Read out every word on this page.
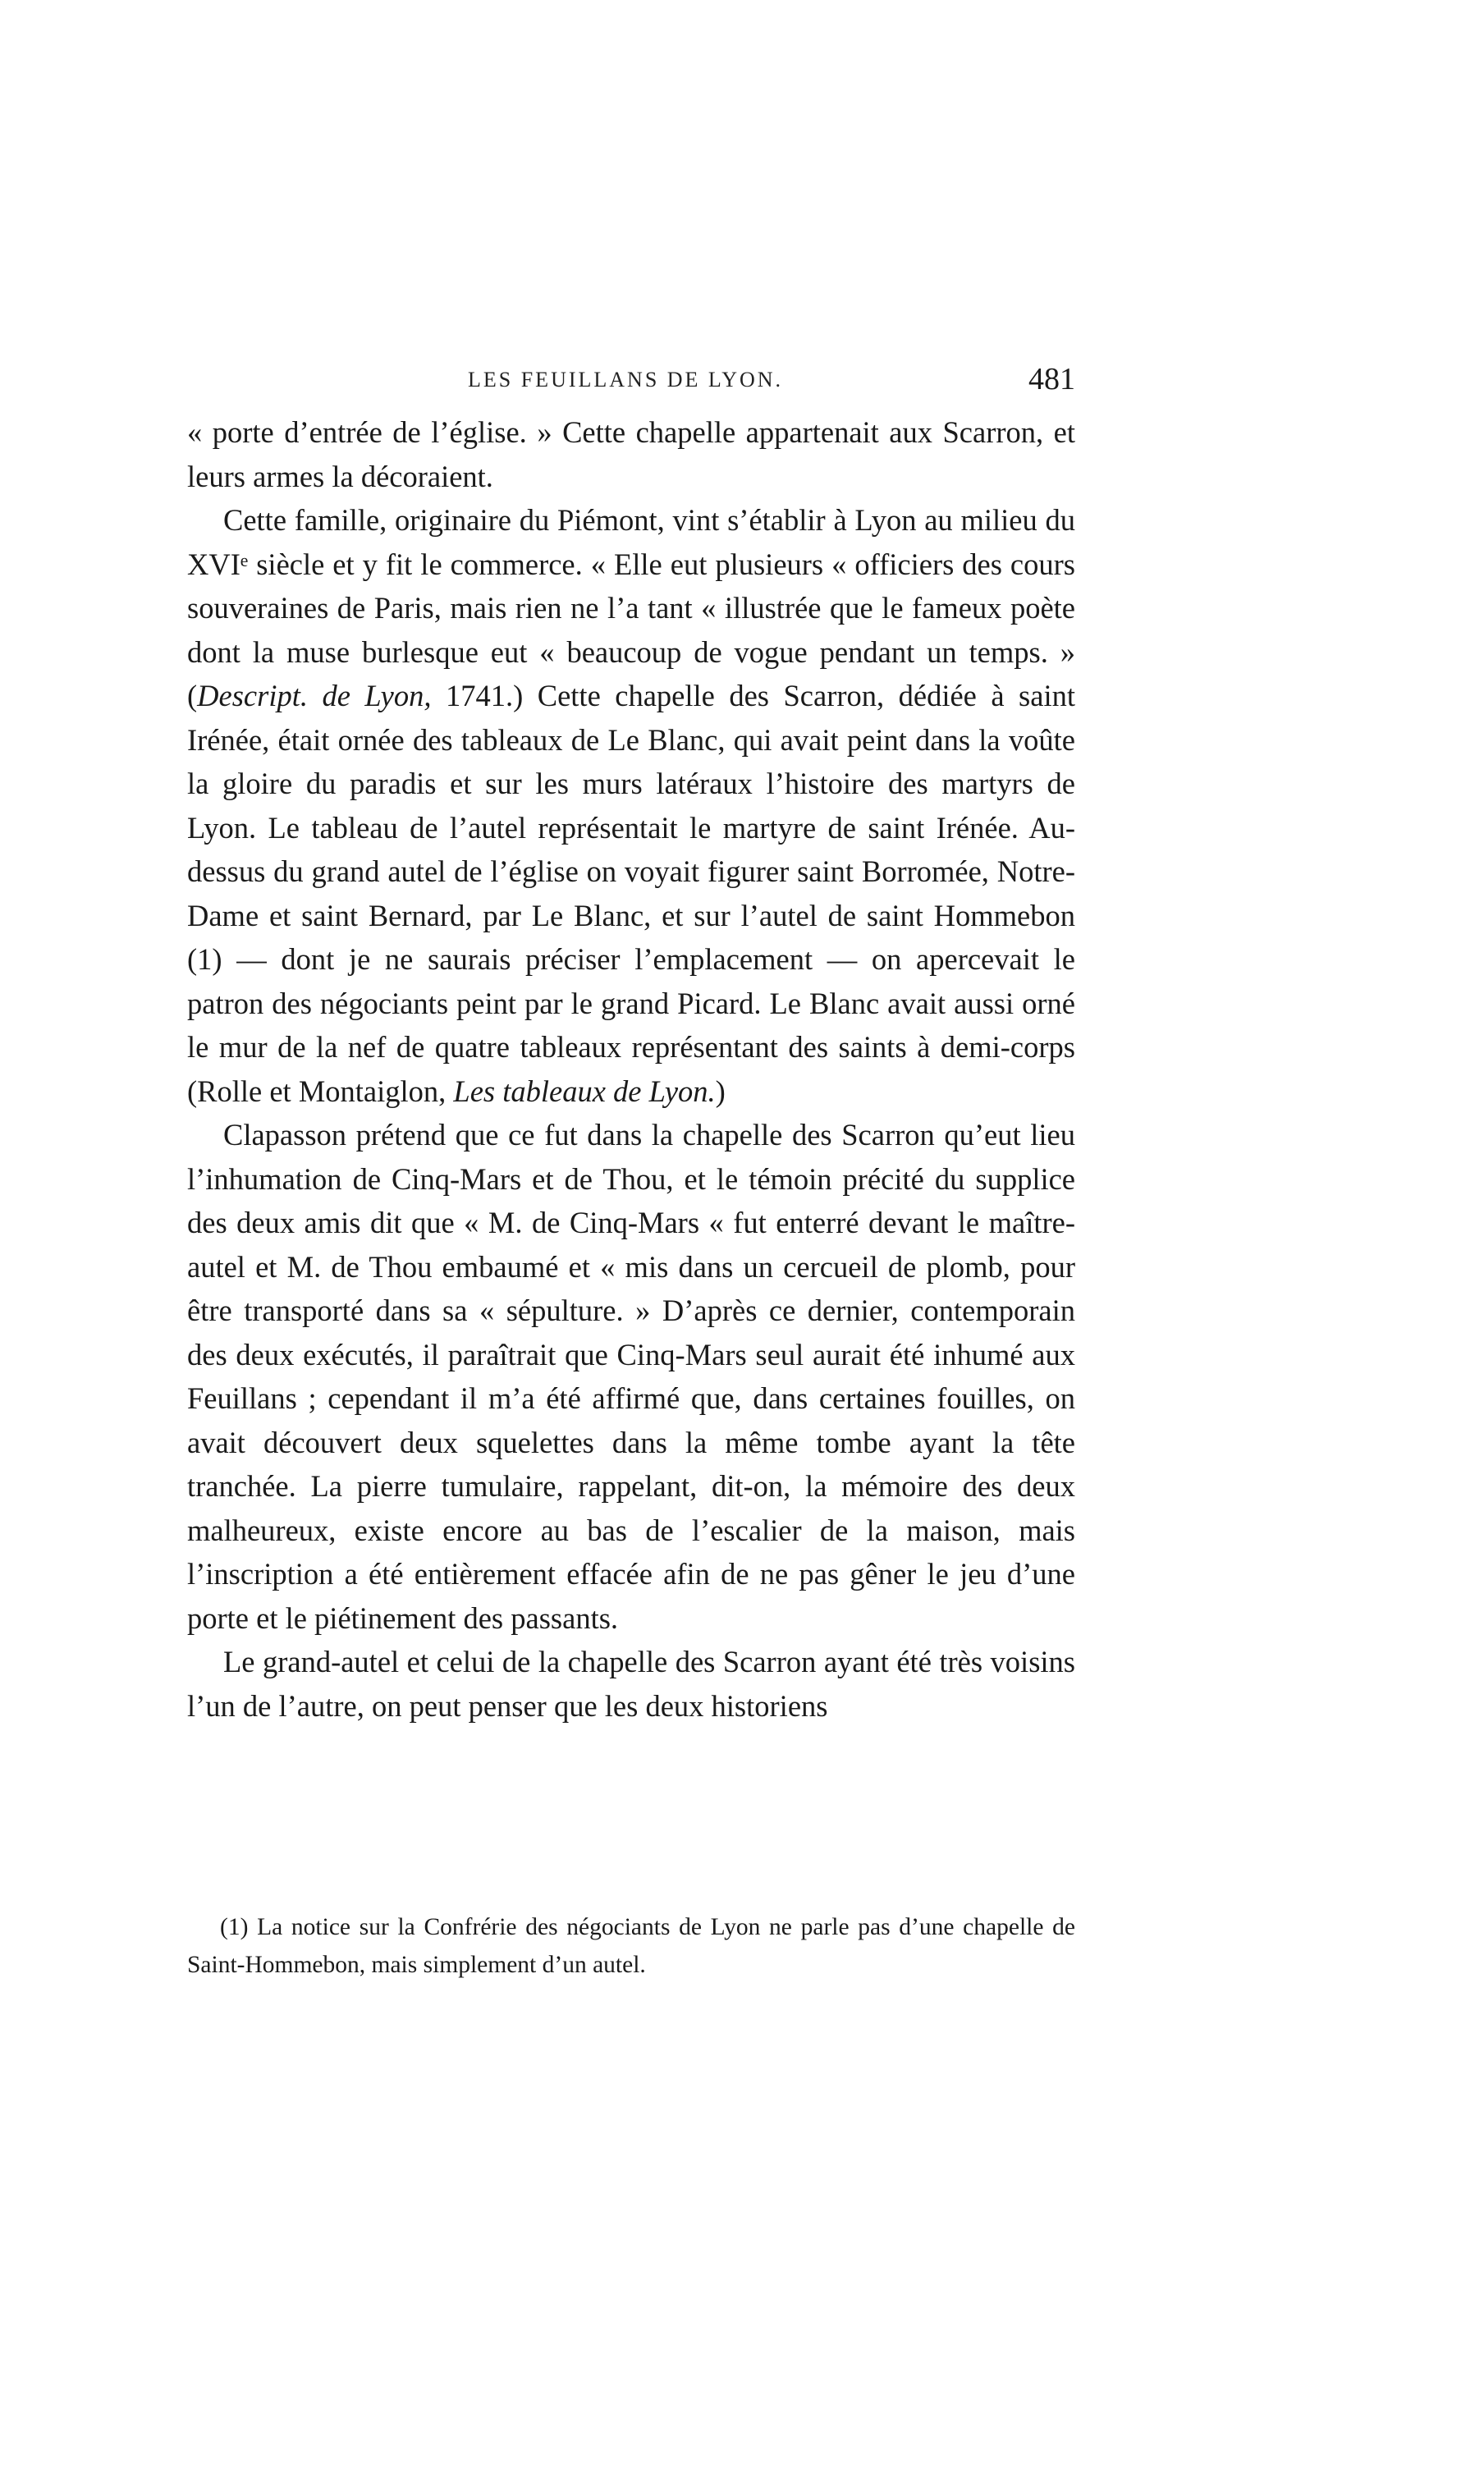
LES FEUILLANS DE LYON.	481

« porte d’entrée de l’église. » Cette chapelle appartenait aux Scarron, et leurs armes la décoraient.

Cette famille, originaire du Piémont, vint s’établir à Lyon au milieu du XVIᵉ siècle et y fit le commerce. « Elle eut plusieurs « officiers des cours souveraines de Paris, mais rien ne l’a tant « illustrée que le fameux poète dont la muse burlesque eut « beaucoup de vogue pendant un temps. » (Descript. de Lyon, 1741.) Cette chapelle des Scarron, dédiée à saint Irénée, était ornée des tableaux de Le Blanc, qui avait peint dans la voûte la gloire du paradis et sur les murs latéraux l’histoire des martyrs de Lyon. Le tableau de l’autel représentait le martyre de saint Irénée. Au-dessus du grand autel de l’église on voyait figurer saint Borromée, Notre-Dame et saint Bernard, par Le Blanc, et sur l’autel de saint Hommebon (1) — dont je ne saurais préciser l’emplacement — on apercevait le patron des négociants peint par le grand Picard. Le Blanc avait aussi orné le mur de la nef de quatre tableaux représentant des saints à demi-corps (Rolle et Montaiglon, Les tableaux de Lyon.)

Clapasson prétend que ce fut dans la chapelle des Scarron qu’eut lieu l’inhumation de Cinq-Mars et de Thou, et le témoin précité du supplice des deux amis dit que « M. de Cinq-Mars « fut enterré devant le maître-autel et M. de Thou embaumé et « mis dans un cercueil de plomb, pour être transporté dans sa « sépulture. » D’après ce dernier, contemporain des deux exécutés, il paraîtrait que Cinq-Mars seul aurait été inhumé aux Feuillans ; cependant il m’a été affirmé que, dans certaines fouilles, on avait découvert deux squelettes dans la même tombe ayant la tête tranchée. La pierre tumulaire, rappelant, dit-on, la mémoire des deux malheureux, existe encore au bas de l’escalier de la maison, mais l’inscription a été entièrement effacée afin de ne pas gêner le jeu d’une porte et le piétinement des passants.

Le grand-autel et celui de la chapelle des Scarron ayant été très voisins l’un de l’autre, on peut penser que les deux historiens

(1) La notice sur la Confrérie des négociants de Lyon ne parle pas d’une chapelle de Saint-Hommebon, mais simplement d’un autel.
